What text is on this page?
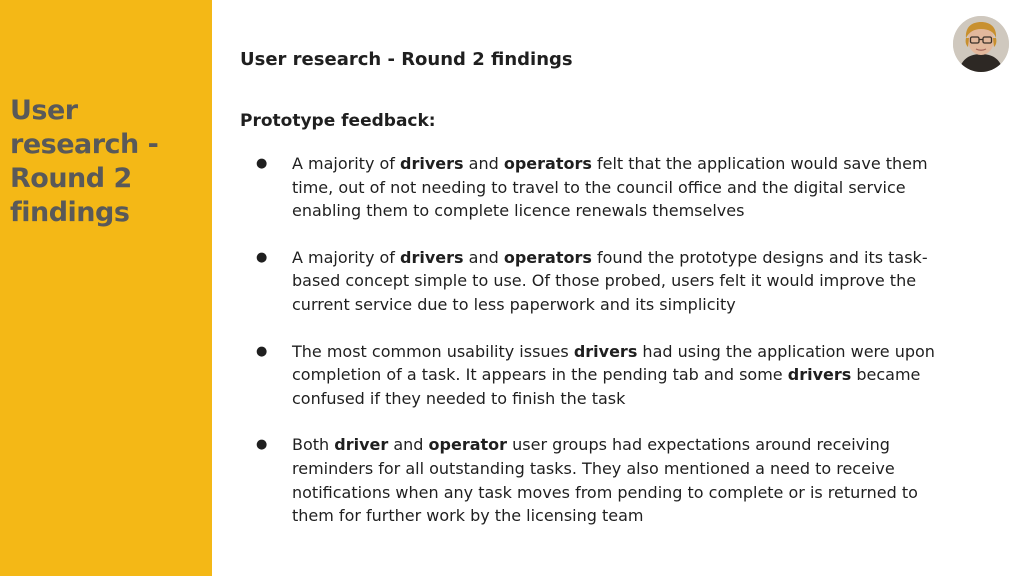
User research - Round 2 findings
User research - Round 2 findings
Prototype feedback:
● A majority of drivers and operators felt that the application would save them time, out of not needing to travel to the council office and the digital service enabling them to complete licence renewals themselves
● A majority of drivers and operators found the prototype designs and its task-based concept simple to use. Of those probed, users felt it would improve the current service due to less paperwork and its simplicity
● The most common usability issues drivers had using the application were upon completion of a task. It appears in the pending tab and some drivers became confused if they needed to finish the task
● Both driver and operator user groups had expectations around receiving reminders for all outstanding tasks. They also mentioned a need to receive notifications when any task moves from pending to complete or is returned to them for further work by the licensing team
